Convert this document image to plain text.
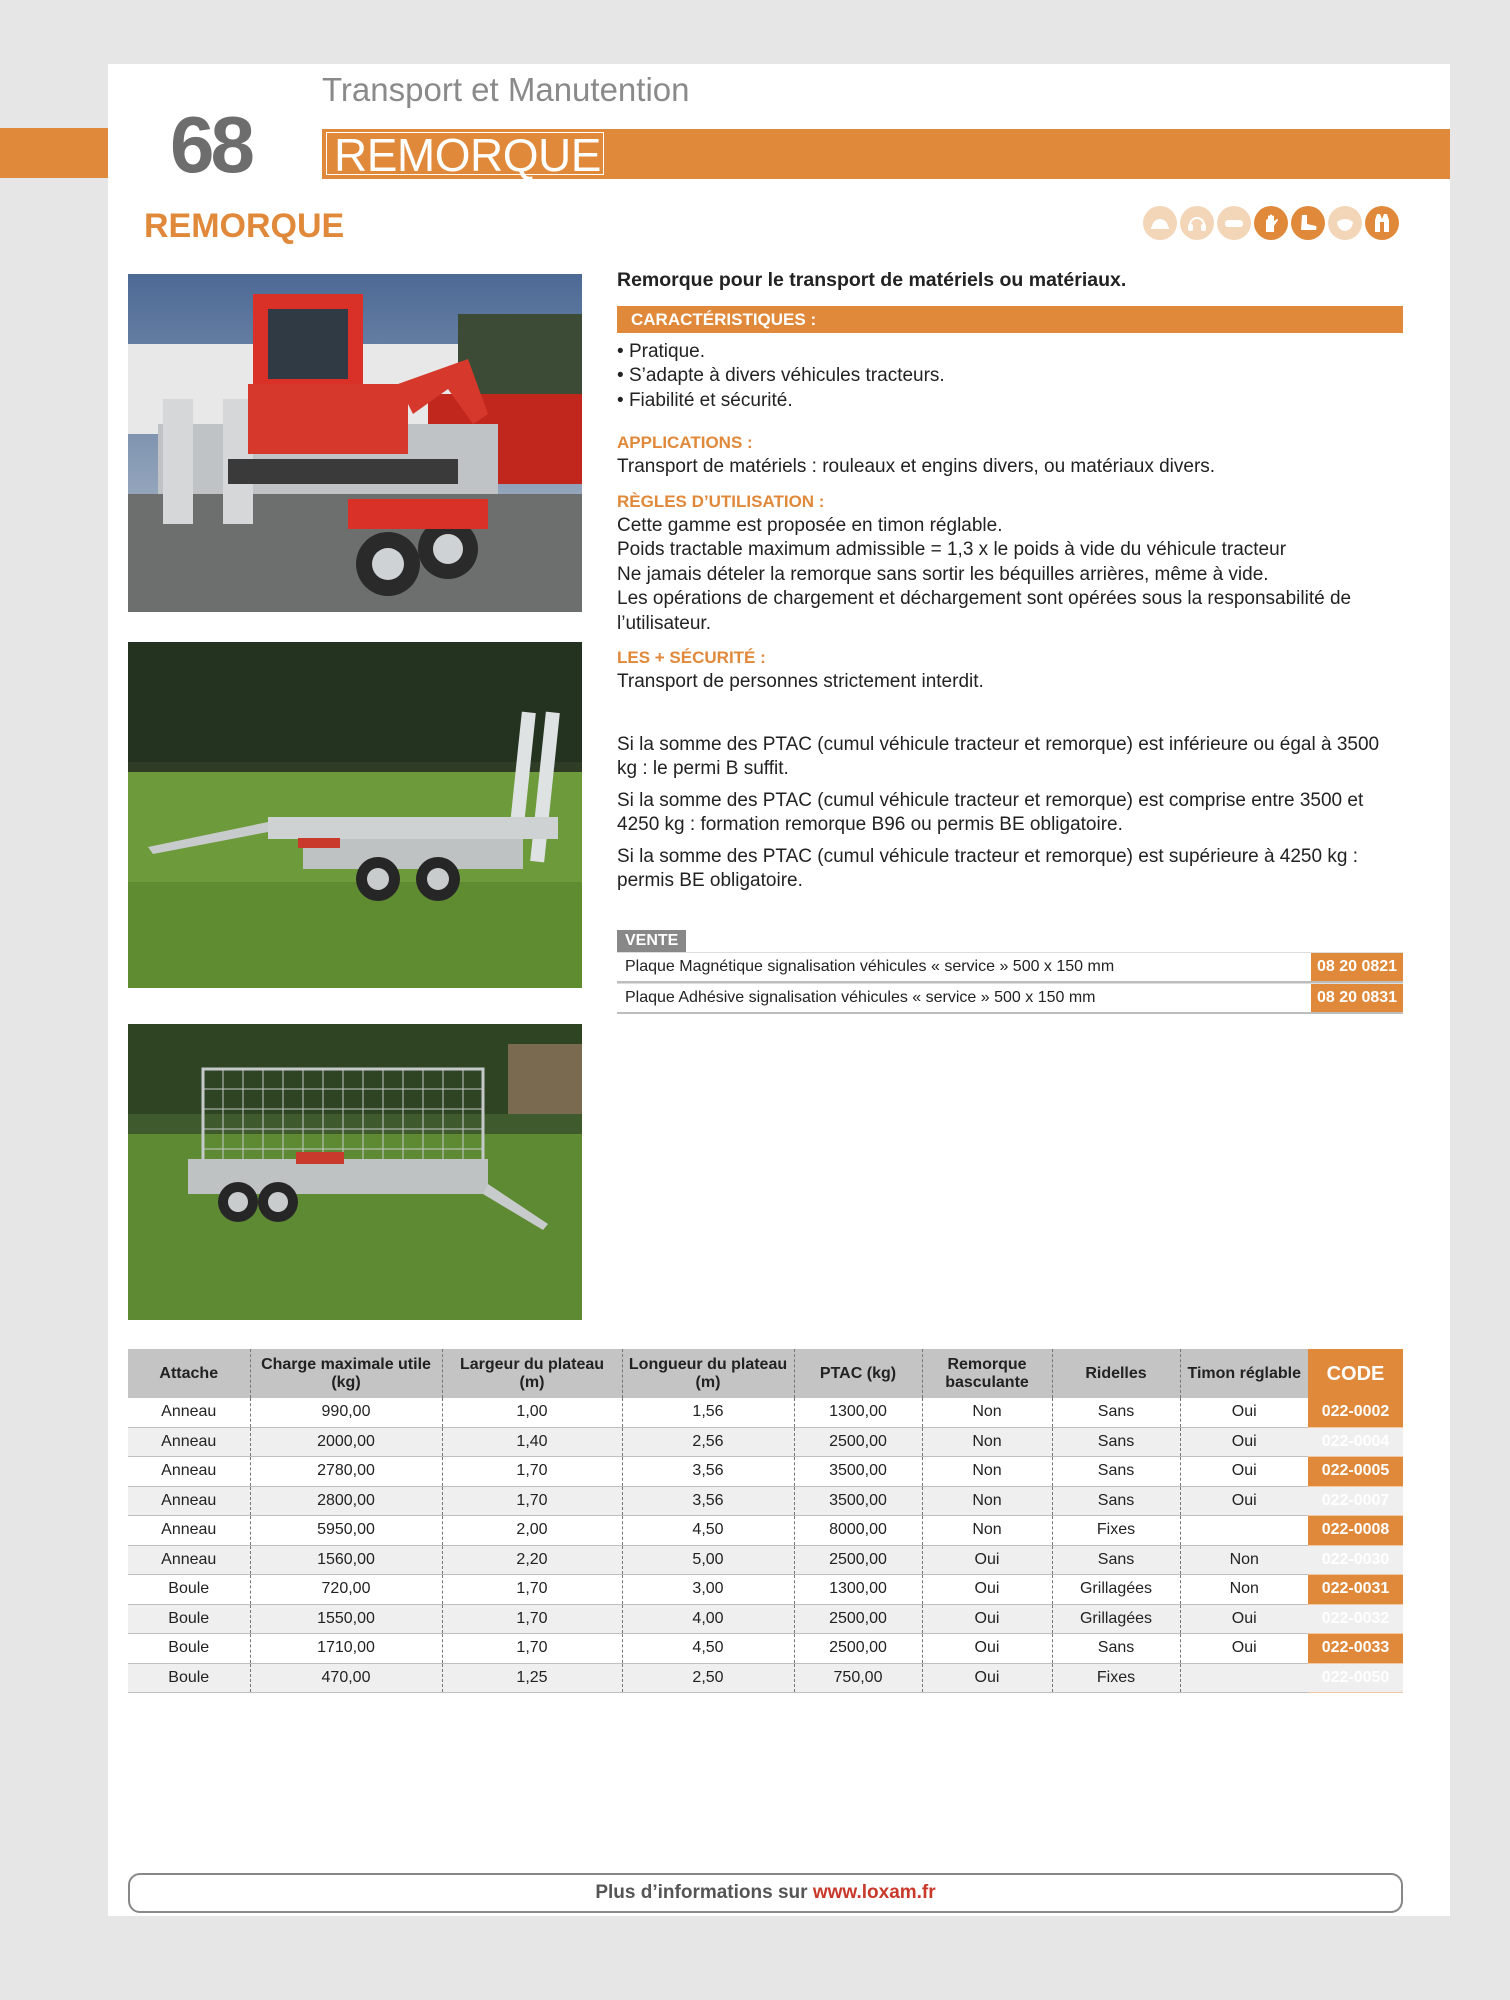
68
Transport et Manutention
REMORQUE
REMORQUE

Remorque pour le transport de matériels ou matériaux.

CARACTÉRISTIQUES :
• Pratique.
• S’adapte à divers véhicules tracteurs.
• Fiabilité et sécurité.
APPLICATIONS :

Transport de matériels : rouleaux et engins divers, ou matériaux divers.

RÈGLES D’UTILISATION :

Cette gamme est proposée en timon réglable.

Poids tractable maximum admissible = 1,3 x le poids à vide du véhicule tracteur

Ne jamais dételer la remorque sans sortir les béquilles arrières, même à vide.

Les opérations de chargement et déchargement sont opérées sous la responsabilité de l’utilisateur.

LES + SÉCURITÉ :

Transport de personnes strictement interdit.

Si la somme des PTAC (cumul véhicule tracteur et remorque) est inférieure ou égal à 3500 kg : le permi B suffit.

Si la somme des PTAC (cumul véhicule tracteur et remorque) est comprise entre 3500 et 4250 kg : formation remorque B96 ou permis BE obligatoire.

Si la somme des PTAC (cumul véhicule tracteur et remorque) est supérieure à 4250 kg : permis BE obligatoire.

VENTE
Plaque Magnétique signalisation véhicules « service » 500 x 150 mm	08 20 0821
Plaque Adhésive signalisation véhicules « service » 500 x 150 mm	08 20 0831
Attache	Charge maximale utile (kg)	Largeur du plateau (m)	Longueur du plateau (m)	PTAC (kg)	Remorque basculante	Ridelles	Timon réglable	CODE
Anneau	990,00	1,00	1,56	1300,00	Non	Sans	Oui	022-0002
Anneau	2000,00	1,40	2,56	2500,00	Non	Sans	Oui	022-0004
Anneau	2780,00	1,70	3,56	3500,00	Non	Sans	Oui	022-0005
Anneau	2800,00	1,70	3,56	3500,00	Non	Sans	Oui	022-0007
Anneau	5950,00	2,00	4,50	8000,00	Non	Fixes		022-0008
Anneau	1560,00	2,20	5,00	2500,00	Oui	Sans	Non	022-0030
Boule	720,00	1,70	3,00	1300,00	Oui	Grillagées	Non	022-0031
Boule	1550,00	1,70	4,00	2500,00	Oui	Grillagées	Oui	022-0032
Boule	1710,00	1,70	4,50	2500,00	Oui	Sans	Oui	022-0033
Boule	470,00	1,25	2,50	750,00	Oui	Fixes		022-0050
Plus d’informations sur www.loxam.fr
